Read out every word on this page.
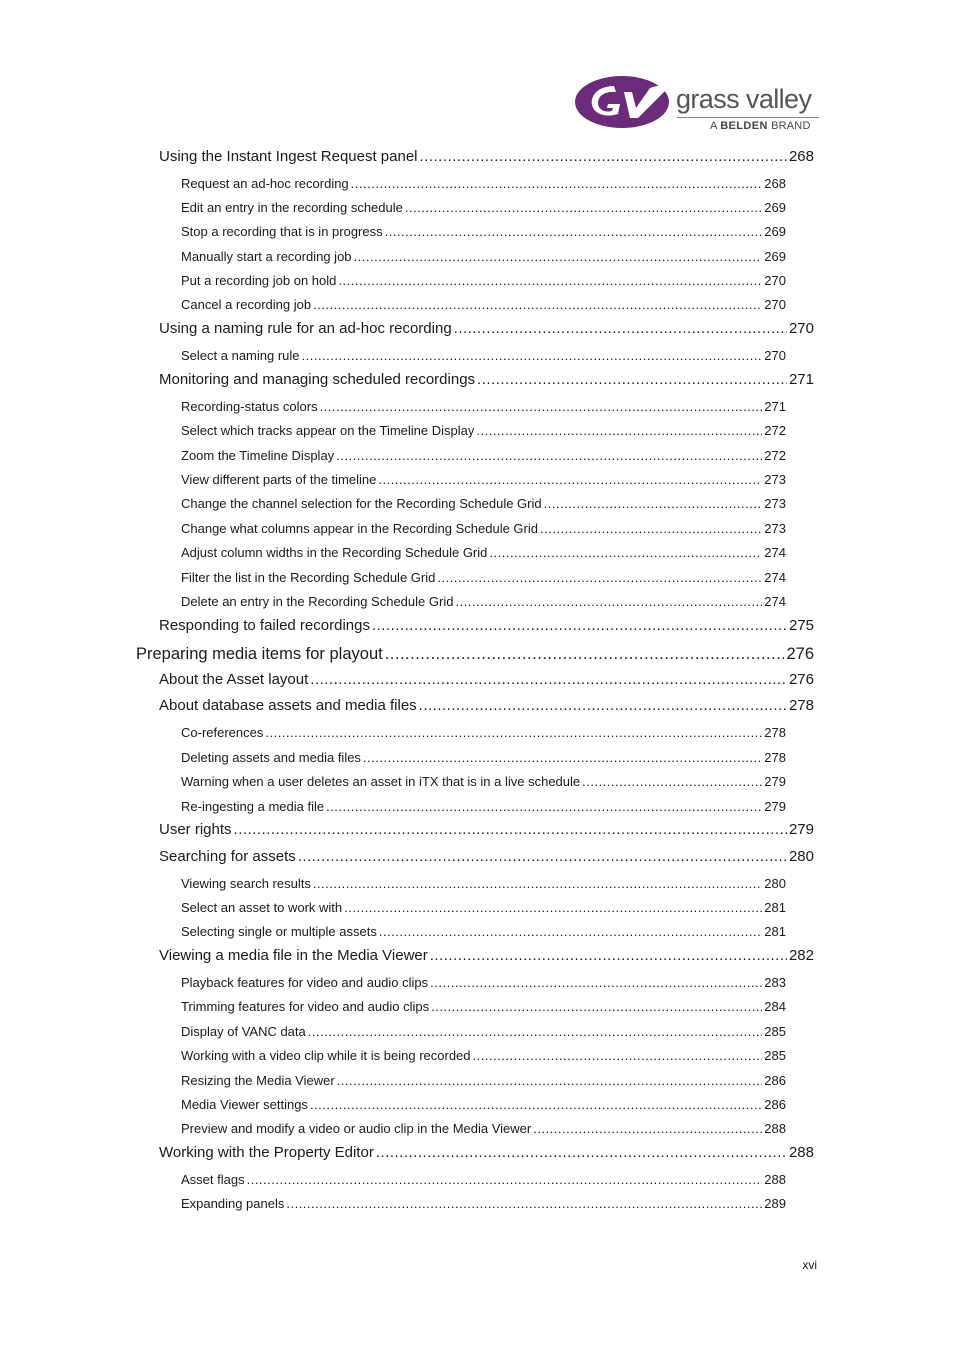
grass valley
A BELDEN BRAND
Using the Instant Ingest Request panel .....	268
Request an ad-hoc recording .....	268
Edit an entry in the recording schedule .....	269
Stop a recording that is in progress .....	269
Manually start a recording job .....	269
Put a recording job on hold .....	270
Cancel a recording job .....	270
Using a naming rule for an ad-hoc recording .....	270
Select a naming rule .....	270
Monitoring and managing scheduled recordings .....	271
Recording-status colors .....	271
Select which tracks appear on the Timeline Display .....	272
Zoom the Timeline Display .....	272
View different parts of the timeline .....	273
Change the channel selection for the Recording Schedule Grid .....	273
Change what columns appear in the Recording Schedule Grid .....	273
Adjust column widths in the Recording Schedule Grid .....	274
Filter the list in the Recording Schedule Grid .....	274
Delete an entry in the Recording Schedule Grid .....	274
Responding to failed recordings .....	275
Preparing media items for playout .....	276
About the Asset layout .....	276
About database assets and media files .....	278
Co-references .....	278
Deleting assets and media files .....	278
Warning when a user deletes an asset in iTX that is in a live schedule .....	279
Re-ingesting a media file .....	279
User rights .....	279
Searching for assets .....	280
Viewing search results .....	280
Select an asset to work with .....	281
Selecting single or multiple assets .....	281
Viewing a media file in the Media Viewer .....	282
Playback features for video and audio clips .....	283
Trimming features for video and audio clips .....	284
Display of VANC data .....	285
Working with a video clip while it is being recorded .....	285
Resizing the Media Viewer .....	286
Media Viewer settings .....	286
Preview and modify a video or audio clip in the Media Viewer .....	288
Working with the Property Editor .....	288
Asset flags .....	288
Expanding panels .....	289
xvi
